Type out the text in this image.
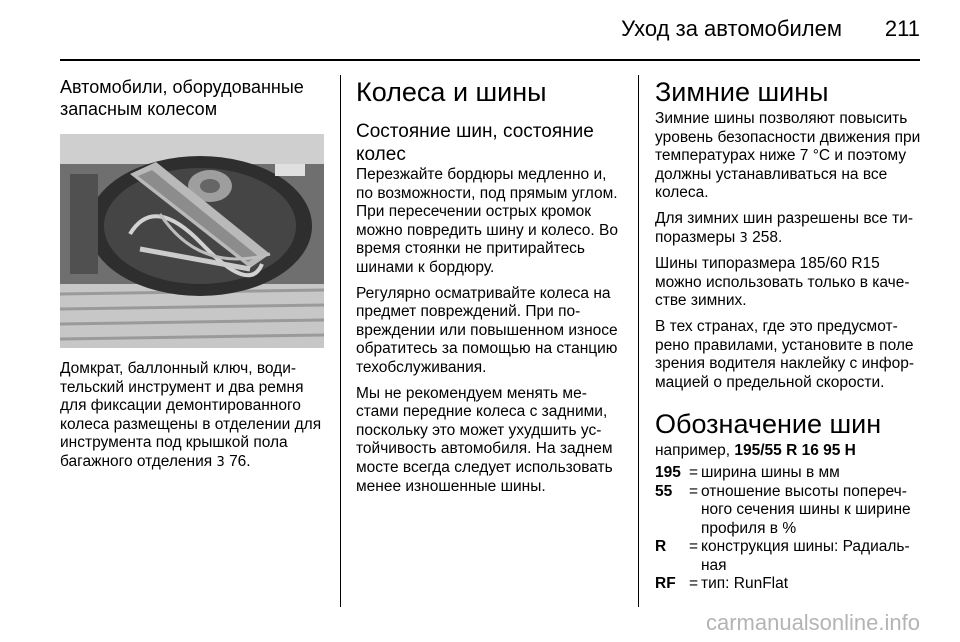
Уход за автомобилем 211
Автомобили, оборудованные запасным колесом

Домкрат, баллонный ключ, водительский инструмент и два ремня для фиксации демонтированного колеса размещены в отделении для инструмента под крышкой пола багажного отделения 3 76.

Колеса и шины
Состояние шин, состояние колес

Перезжайте бордюры медленно и, по возможности, под прямым углом. При пересечении острых кромок можно повредить шину и колесо. Во время стоянки не притирайтесь шинами к бордюру.

Регулярно осматривайте колеса на предмет повреждений. При повреждении или повышенном износе обратитесь за помощью на станцию техобслуживания.

Мы не рекомендуем менять местами передние колеса с задними, поскольку это может ухудшить устойчивость автомобиля. На заднем мосте всегда следует использовать менее изношенные шины.

Зимние шины

Зимние шины позволяют повысить уровень безопасности движения при температурах ниже 7 °C и поэтому должны устанавливаться на все колеса.

Для зимних шин разрешены все типоразмеры 3 258.

Шины типоразмера 185/60 R15 можно использовать только в качестве зимних.

В тех странах, где это предусмотрено правилами, установите в поле зрения водителя наклейку с информацией о предельной скорости.

Обозначение шин
например, 195/55 R 16 95 H
195	=	ширина шины в мм
55	=	отношение высоты поперечного сечения шины к ширине профиля в %
R	=	конструкция шины: Радиальная
RF	=	тип: RunFlat
carmanualsonline.info
